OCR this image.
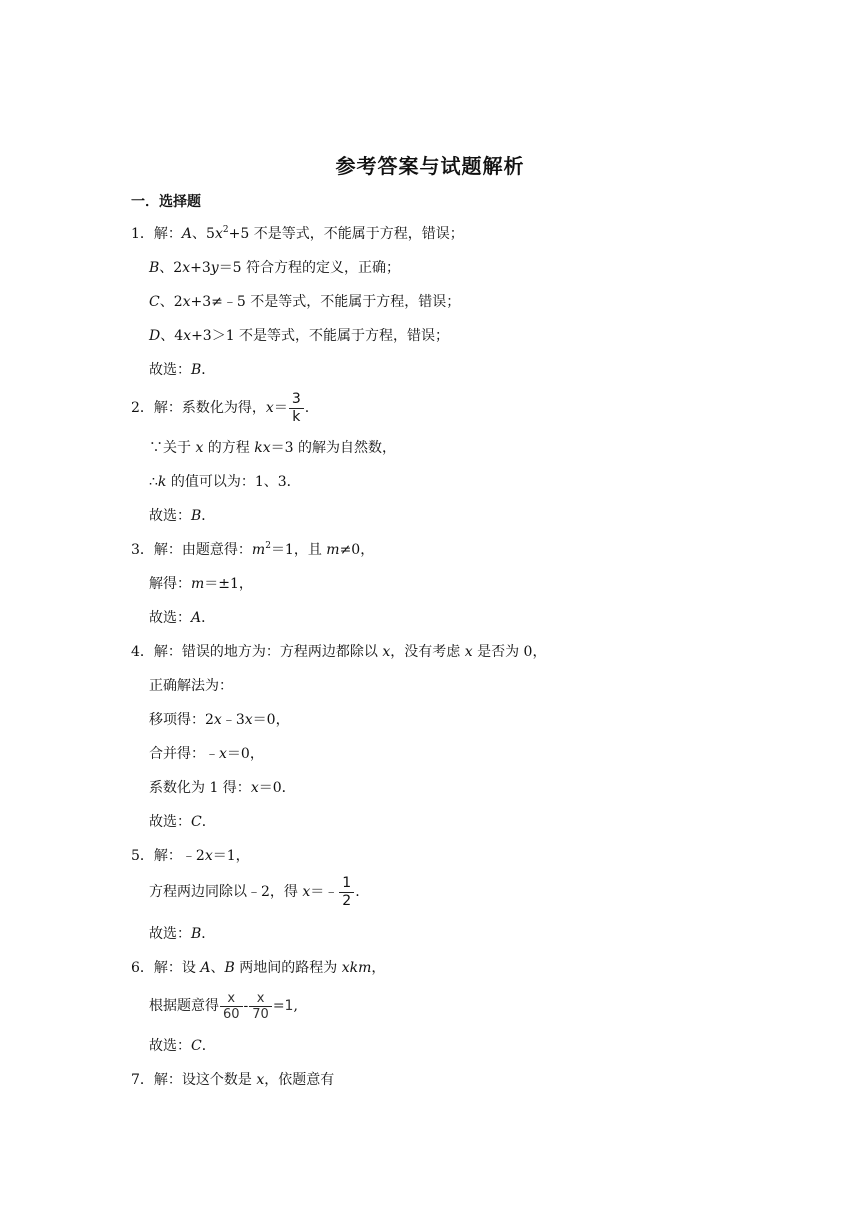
参考答案与试题解析
一．选择题
1．解：A、$5x^2+5$ 不是等式，不能属于方程，错误；
B、2x+3y＝5 符合方程的定义，正确；
C、2x+3≠﹣5 不是等式，不能属于方程，错误；
D、4x+3＞1 不是等式，不能属于方程，错误；
故选：B．
2．解：系数化为得，$x= \frac{3}{k}$ .
∵关于 x 的方程 kx＝3 的解为自然数，
∴k 的值可以为：1、3．
故选：B．
3．解：由题意得：$m^2=1$，且 m≠0，
解得：m＝±1，
故选：A．
4．解：错误的地方为：方程两边都除以 x，没有考虑 x 是否为 0，
正确解法为：
移项得：2x﹣3x＝0，
合并得：﹣x＝0，
系数化为 1 得：x＝0．
故选：C．
5．解：﹣2x＝1，
方程两边同除以﹣2，得 x＝﹣ $\frac{1}{2}$ .
故选：B．
6．解：设 A、B 两地间的路程为 xkm，
根据题意得 $\frac{x}{60} - \frac{x}{70} =1$,
故选：C．
7．解：设这个数是 x，依题意有
